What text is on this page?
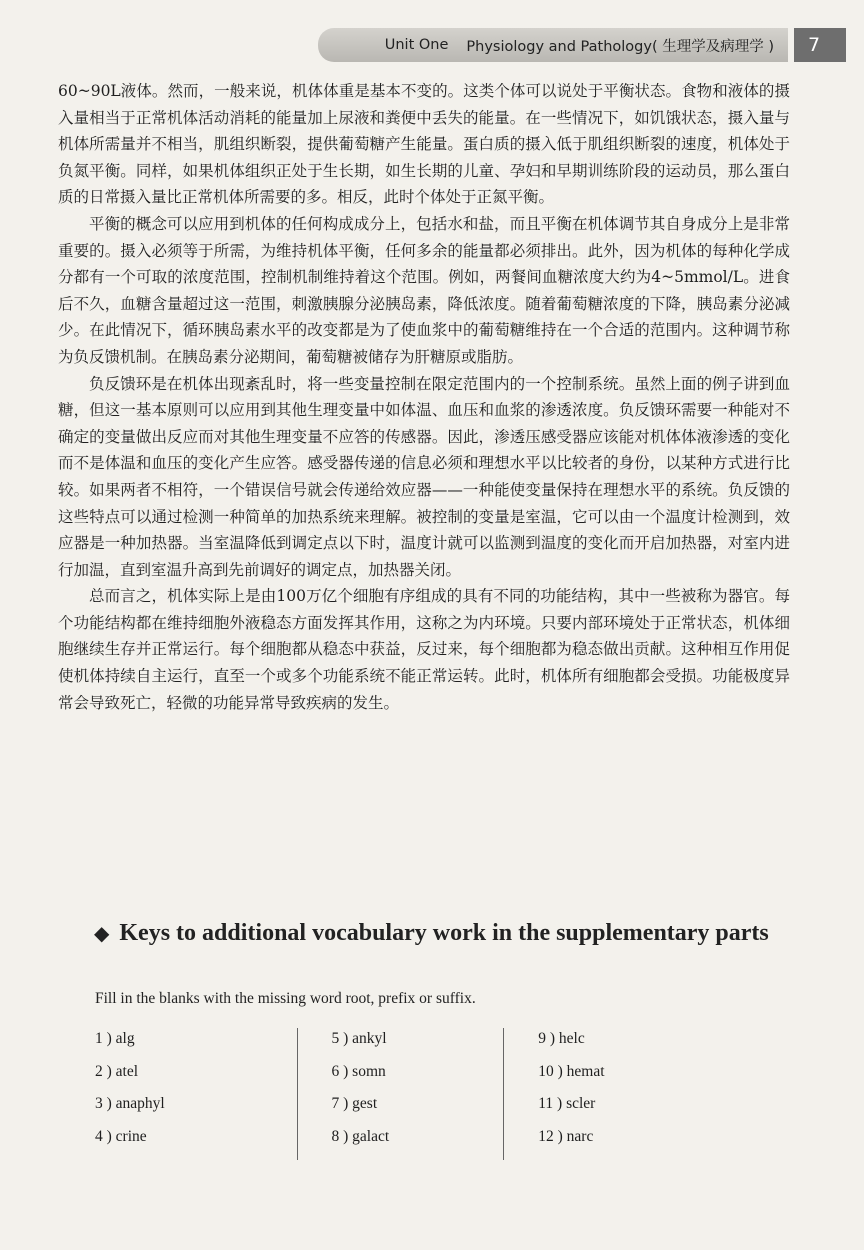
Unit One Physiology and Pathology( 生理学及病理学 )	7

60~90L液体。然而，一般来说，机体体重是基本不变的。这类个体可以说处于平衡状态。食物和液体的摄入量相当于正常机体活动消耗的能量加上尿液和粪便中丢失的能量。在一些情况下，如饥饿状态，摄入量与机体所需量并不相当，肌组织断裂，提供葡萄糖产生能量。蛋白质的摄入低于肌组织断裂的速度，机体处于负氮平衡。同样，如果机体组织正处于生长期，如生长期的儿童、孕妇和早期训练阶段的运动员，那么蛋白质的日常摄入量比正常机体所需要的多。相反，此时个体处于正氮平衡。

平衡的概念可以应用到机体的任何构成成分上，包括水和盐，而且平衡在机体调节其自身成分上是非常重要的。摄入必须等于所需，为维持机体平衡，任何多余的能量都必须排出。此外，因为机体的每种化学成分都有一个可取的浓度范围，控制机制维持着这个范围。例如，两餐间血糖浓度大约为4~5mmol/L。进食后不久，血糖含量超过这一范围，刺激胰腺分泌胰岛素，降低浓度。随着葡萄糖浓度的下降，胰岛素分泌减少。在此情况下，循环胰岛素水平的改变都是为了使血浆中的葡萄糖维持在一个合适的范围内。这种调节称为负反馈机制。在胰岛素分泌期间，葡萄糖被储存为肝糖原或脂肪。

负反馈环是在机体出现紊乱时，将一些变量控制在限定范围内的一个控制系统。虽然上面的例子讲到血糖，但这一基本原则可以应用到其他生理变量中如体温、血压和血浆的渗透浓度。负反馈环需要一种能对不确定的变量做出反应而对其他生理变量不应答的传感器。因此，渗透压感受器应该能对机体体液渗透的变化而不是体温和血压的变化产生应答。感受器传递的信息必须和理想水平以比较者的身份，以某种方式进行比较。如果两者不相符，一个错误信号就会传递给效应器——一种能使变量保持在理想水平的系统。负反馈的这些特点可以通过检测一种简单的加热系统来理解。被控制的变量是室温，它可以由一个温度计检测到，效应器是一种加热器。当室温降低到调定点以下时，温度计就可以监测到温度的变化而开启加热器，对室内进行加温，直到室温升高到先前调好的调定点，加热器关闭。

总而言之，机体实际上是由100万亿个细胞有序组成的具有不同的功能结构，其中一些被称为器官。每个功能结构都在维持细胞外液稳态方面发挥其作用，这称之为内环境。只要内部环境处于正常状态，机体细胞继续生存并正常运行。每个细胞都从稳态中获益，反过来，每个细胞都为稳态做出贡献。这种相互作用促使机体持续自主运行，直至一个或多个功能系统不能正常运转。此时，机体所有细胞都会受损。功能极度异常会导致死亡，轻微的功能异常导致疾病的发生。

◆ Keys to additional vocabulary work in the supplementary parts
Fill in the blanks with the missing word root, prefix or suffix.
1 ) alg
2 ) atel
3 ) anaphyl
4 ) crine
5 ) ankyl
6 ) somn
7 ) gest
8 ) galact
9 ) helc
10 ) hemat
11 ) scler
12 ) narc
